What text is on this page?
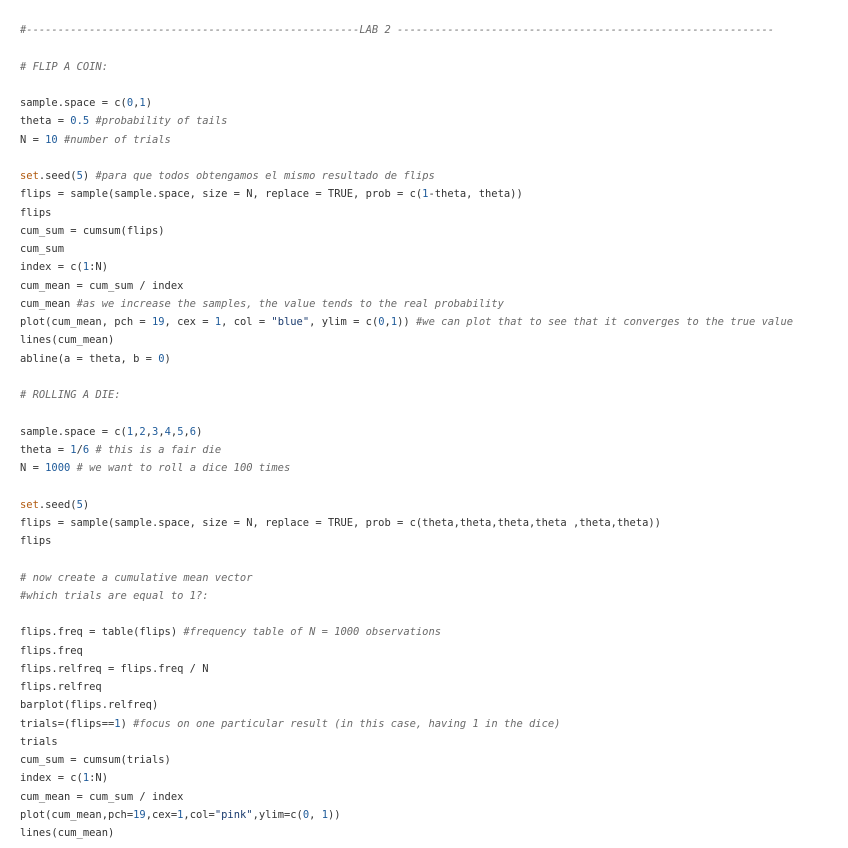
#-----------------------------------------------------LAB 2 ------------------------------------------------------------
# FLIP A COIN:
sample.space = c(0,1)
theta = 0.5 #probability of tails
N = 10 #number of trials
set.seed(5) #para que todos obtengamos el mismo resultado de flips
flips = sample(sample.space, size = N, replace = TRUE, prob = c(1-theta, theta))
flips
cum_sum = cumsum(flips)
cum_sum
index = c(1:N)
cum_mean = cum_sum / index
cum_mean #as we increase the samples, the value tends to the real probability
plot(cum_mean, pch = 19, cex = 1, col = "blue", ylim = c(0,1)) #we can plot that to see that it converges to the true value
lines(cum_mean)
abline(a = theta, b = 0)
# ROLLING A DIE:
sample.space = c(1,2,3,4,5,6)
theta = 1/6 # this is a fair die
N = 1000 # we want to roll a dice 100 times
set.seed(5)
flips = sample(sample.space, size = N, replace = TRUE, prob = c(theta,theta,theta,theta ,theta,theta))
flips
# now create a cumulative mean vector
#which trials are equal to 1?:
flips.freq = table(flips) #frequency table of N = 1000 observations
flips.freq
flips.relfreq = flips.freq / N
flips.relfreq
barplot(flips.relfreq)
trials=(flips==1) #focus on one particular result (in this case, having 1 in the dice)
trials
cum_sum = cumsum(trials)
index = c(1:N)
cum_mean = cum_sum / index
plot(cum_mean,pch=19,cex=1,col="pink",ylim=c(0, 1))
lines(cum_mean)
